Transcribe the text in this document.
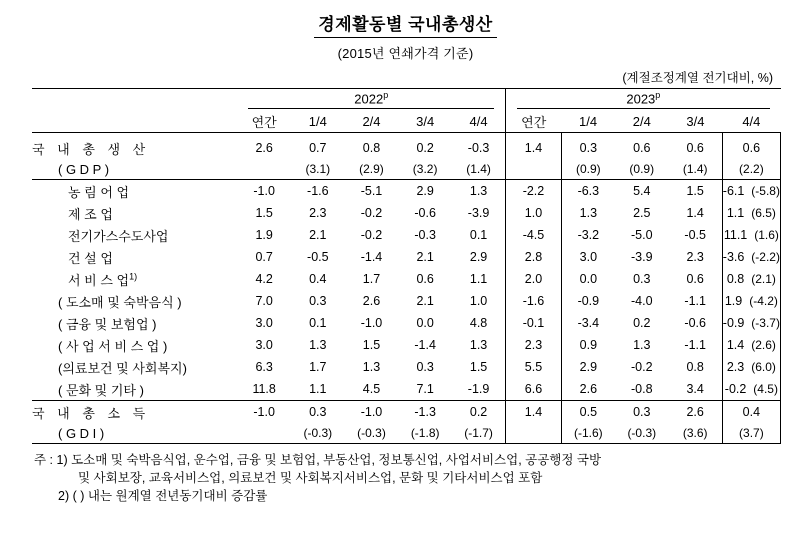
경제활동별 국내총생산
(2015년 연쇄가격 기준)
(계절조정계열 전기대비, %)
	2022$^p$					2023$^p$
	연간	1/4	2/4	3/4	4/4	연간	1/4	2/4	3/4	4/4
국 내 총 생 산	2.6	0.7	0.8	0.2	-0.3	1.4	0.3	0.6	0.6	0.6
( G D P )		(3.1)	(2.9)	(3.2)	(1.4)		(0.9)	(0.9)	(1.4)	(2.2)
농 림 어 업	-1.0	-1.6	-5.1	2.9	1.3	-2.2	-6.3	5.4	1.5	-6.1 (-5.8)
제 조 업	1.5	2.3	-0.2	-0.6	-3.9	1.0	1.3	2.5	1.4	1.1 (6.5)
전기가스수도사업	1.9	2.1	-0.2	-0.3	0.1	-4.5	-3.2	-5.0	-0.5	11.1 (1.6)
건 설 업	0.7	-0.5	-1.4	2.1	2.9	2.8	3.0	-3.9	2.3	-3.6 (-2.2)
서 비 스 업$^{1)}$	4.2	0.4	1.7	0.6	1.1	2.0	0.0	0.3	0.6	0.8 (2.1)
( 도소매 및 숙박음식 )	7.0	0.3	2.6	2.1	1.0	-1.6	-0.9	-4.0	-1.1	1.9 (-4.2)
( 금융 및 보험업 )	3.0	0.1	-1.0	0.0	4.8	-0.1	-3.4	0.2	-0.6	-0.9 (-3.7)
( 사 업 서 비 스 업 )	3.0	1.3	1.5	-1.4	1.3	2.3	0.9	1.3	-1.1	1.4 (2.6)
(의료보건 및 사회복지)	6.3	1.7	1.3	0.3	1.5	5.5	2.9	-0.2	0.8	2.3 (6.0)
( 문화 및 기타 )	11.8	1.1	4.5	7.1	-1.9	6.6	2.6	-0.8	3.4	-0.2 (4.5)
국 내 총 소 득	-1.0	0.3	-1.0	-1.3	0.2	1.4	0.5	0.3	2.6	0.4
( G D I )		(-0.3)	(-0.3)	(-1.8)	(-1.7)		(-1.6)	(-0.3)	(3.6)	(3.7)
주 : 1) 도소매 및 숙박음식업, 운수업, 금융 및 보험업, 부동산업, 정보통신업, 사업서비스업, 공공행정 국방
및 사회보장, 교육서비스업, 의료보건 및 사회복지서비스업, 문화 및 기타서비스업 포함
2) ( ) 내는 원계열 전년동기대비 증감률
